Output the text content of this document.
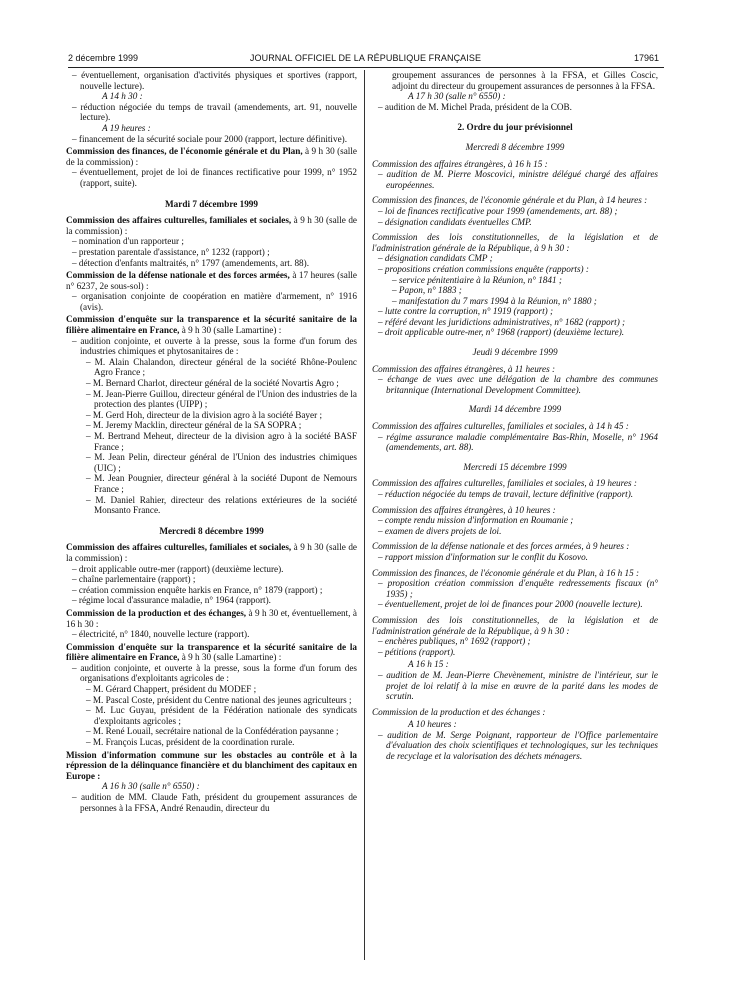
2 décembre 1999	JOURNAL OFFICIEL DE LA RÉPUBLIQUE FRANÇAISE	17961
– éventuellement, organisation d'activités physiques et sportives (rapport, nouvelle lecture).
A 14 h 30 :
– réduction négociée du temps de travail (amendements, art. 91, nouvelle lecture).
A 19 heures :
– financement de la sécurité sociale pour 2000 (rapport, lecture définitive).
Commission des finances, de l'économie générale et du Plan, à 9 h 30 (salle de la commission) :
– éventuellement, projet de loi de finances rectificative pour 1999, n° 1952 (rapport, suite).
Mardi 7 décembre 1999
Commission des affaires culturelles, familiales et sociales, à 9 h 30 (salle de la commission) :
– nomination d'un rapporteur ;
– prestation parentale d'assistance, n° 1232 (rapport) ;
– détection d'enfants maltraités, n° 1797 (amendements, art. 88).
Commission de la défense nationale et des forces armées, à 17 heures (salle n° 6237, 2e sous-sol) :
– organisation conjointe de coopération en matière d'armement, n° 1916 (avis).
Commission d'enquête sur la transparence et la sécurité sanitaire de la filière alimentaire en France, à 9 h 30 (salle Lamartine) :
– audition conjointe, et ouverte à la presse, sous la forme d'un forum des industries chimiques et phytosanitaires de :
– M. Alain Chalandon, directeur général de la société Rhône-Poulenc Agro France ;
– M. Bernard Charlot, directeur général de la société Novartis Agro ;
– M. Jean-Pierre Guillou, directeur général de l'Union des industries de la protection des plantes (UIPP) ;
– M. Gerd Hoh, directeur de la division agro à la société Bayer ;
– M. Jeremy Macklin, directeur général de la SA SOPRA ;
– M. Bertrand Meheut, directeur de la division agro à la société BASF France ;
– M. Jean Pelin, directeur général de l'Union des industries chimiques (UIC) ;
– M. Jean Pougnier, directeur général à la société Dupont de Nemours France ;
– M. Daniel Rahier, directeur des relations extérieures de la société Monsanto France.
Mercredi 8 décembre 1999
Commission des affaires culturelles, familiales et sociales, à 9 h 30 (salle de la commission) :
– droit applicable outre-mer (rapport) (deuxième lecture).
– chaîne parlementaire (rapport) ;
– création commission enquête harkis en France, n° 1879 (rapport) ;
– régime local d'assurance maladie, n° 1964 (rapport).
Commission de la production et des échanges, à 9 h 30 et, éventuellement, à 16 h 30 :
– électricité, n° 1840, nouvelle lecture (rapport).
Commission d'enquête sur la transparence et la sécurité sanitaire de la filière alimentaire en France, à 9 h 30 (salle Lamartine) :
– audition conjointe, et ouverte à la presse, sous la forme d'un forum des organisations d'exploitants agricoles de :
– M. Gérard Chappert, président du MODEF ;
– M. Pascal Coste, président du Centre national des jeunes agriculteurs ;
– M. Luc Guyau, président de la Fédération nationale des syndicats d'exploitants agricoles ;
– M. René Louail, secrétaire national de la Confédération paysanne ;
– M. François Lucas, président de la coordination rurale.
Mission d'information commune sur les obstacles au contrôle et à la répression de la délinquance financière et du blanchiment des capitaux en Europe :
A 16 h 30 (salle n° 6550) :
– audition de MM. Claude Fath, président du groupement assurances de personnes à la FFSA, André Renaudin, directeur du
groupement assurances de personnes à la FFSA, et Gilles Coscic, adjoint du directeur du groupement assurances de personnes à la FFSA.
A 17 h 30 (salle n° 6550) :
– audition de M. Michel Prada, président de la COB.
2. Ordre du jour prévisionnel
Mercredi 8 décembre 1999
Commission des affaires étrangères, à 16 h 15 :
– audition de M. Pierre Moscovici, ministre délégué chargé des affaires européennes.
Commission des finances, de l'économie générale et du Plan, à 14 heures :
– loi de finances rectificative pour 1999 (amendements, art. 88) ;
– désignation candidats éventuelles CMP.
Commission des lois constitutionnelles, de la législation et de l'administration générale de la République, à 9 h 30 :
– désignation candidats CMP ;
– propositions création commissions enquête (rapports) :
– service pénitentiaire à la Réunion, n° 1841 ;
– Papon, n° 1883 ;
– manifestation du 7 mars 1994 à la Réunion, n° 1880 ;
– lutte contre la corruption, n° 1919 (rapport) ;
– référé devant les juridictions administratives, n° 1682 (rapport) ;
– droit applicable outre-mer, n° 1968 (rapport) (deuxième lecture).
Jeudi 9 décembre 1999
Commission des affaires étrangères, à 11 heures :
– échange de vues avec une délégation de la chambre des communes britannique (International Development Committee).
Mardi 14 décembre 1999
Commission des affaires culturelles, familiales et sociales, à 14 h 45 :
– régime assurance maladie complémentaire Bas-Rhin, Moselle, n° 1964 (amendements, art. 88).
Mercredi 15 décembre 1999
Commission des affaires culturelles, familiales et sociales, à 19 heures :
– réduction négociée du temps de travail, lecture définitive (rapport).
Commission des affaires étrangères, à 10 heures :
– compte rendu mission d'information en Roumanie ;
– examen de divers projets de loi.
Commission de la défense nationale et des forces armées, à 9 heures :
– rapport mission d'information sur le conflit du Kosovo.
Commission des finances, de l'économie générale et du Plan, à 16 h 15 :
– proposition création commission d'enquête redressements fiscaux (n° 1935) ;
– éventuellement, projet de loi de finances pour 2000 (nouvelle lecture).
Commission des lois constitutionnelles, de la législation et de l'administration générale de la République, à 9 h 30 :
– enchères publiques, n° 1692 (rapport) ;
– pétitions (rapport).
A 16 h 15 :
– audition de M. Jean-Pierre Chevènement, ministre de l'intérieur, sur le projet de loi relatif à la mise en œuvre de la parité dans les modes de scrutin.
Commission de la production et des échanges :
A 10 heures :
– audition de M. Serge Poignant, rapporteur de l'Office parlementaire d'évaluation des choix scientifiques et technologiques, sur les techniques de recyclage et la valorisation des déchets ménagers.
